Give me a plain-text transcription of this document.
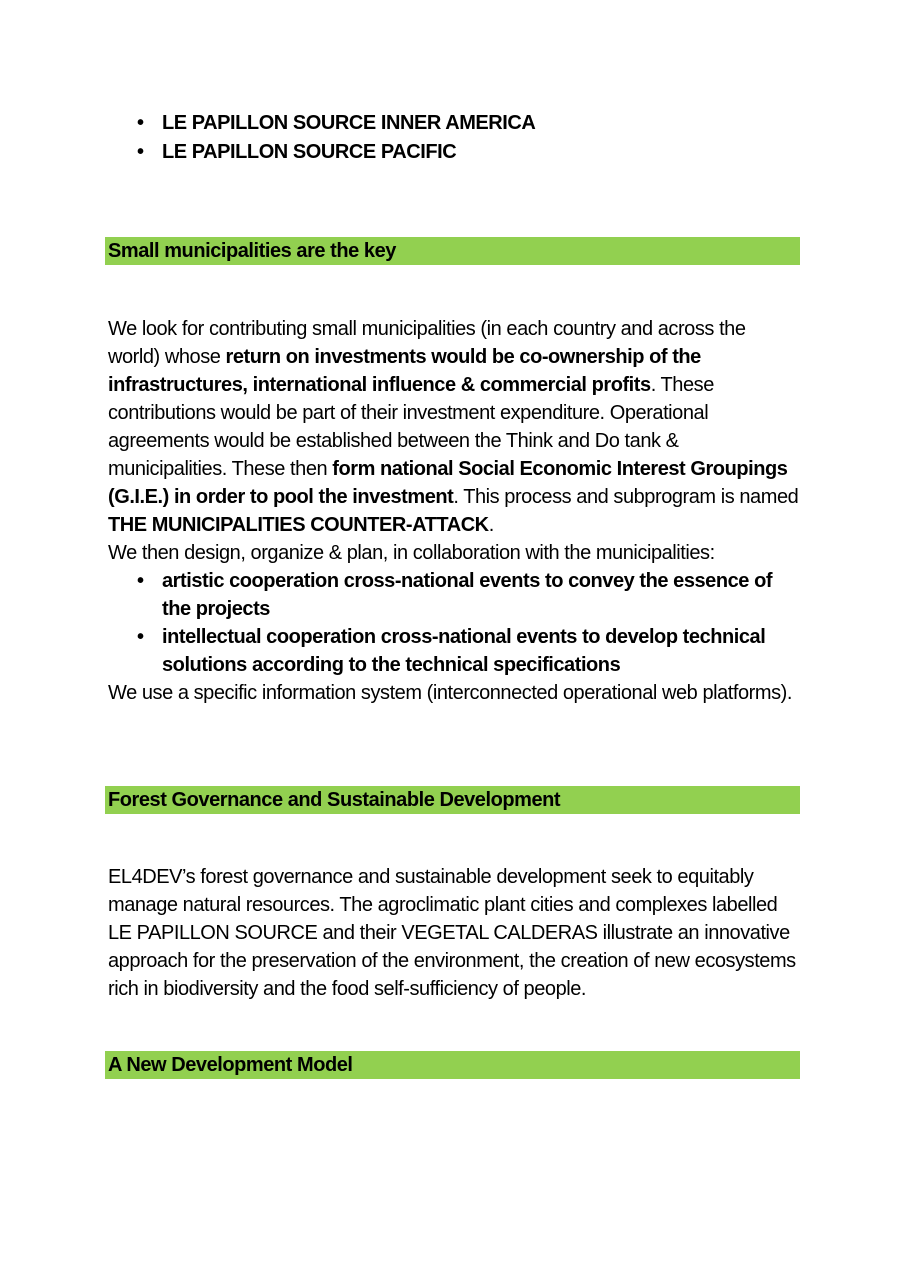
• LE PAPILLON SOURCE INNER AMERICA
• LE PAPILLON SOURCE PACIFIC
Small municipalities are the key

We look for contributing small municipalities (in each country and across the world) whose return on investments would be co-ownership of the infrastructures, international influence & commercial profits. These contributions would be part of their investment expenditure. Operational agreements would be established between the Think and Do tank & municipalities. These then form national Social Economic Interest Groupings (G.I.E.) in order to pool the investment. This process and subprogram is named THE MUNICIPALITIES COUNTER-ATTACK.

We then design, organize & plan, in collaboration with the municipalities:

• artistic cooperation cross-national events to convey the essence of the projects
• intellectual cooperation cross-national events to develop technical solutions according to the technical specifications

We use a specific information system (interconnected operational web platforms).

Forest Governance and Sustainable Development

EL4DEV’s forest governance and sustainable development seek to equitably manage natural resources. The agroclimatic plant cities and complexes labelled LE PAPILLON SOURCE and their VEGETAL CALDERAS illustrate an innovative approach for the preservation of the environment, the creation of new ecosystems rich in biodiversity and the food self-sufficiency of people.

A New Development Model
